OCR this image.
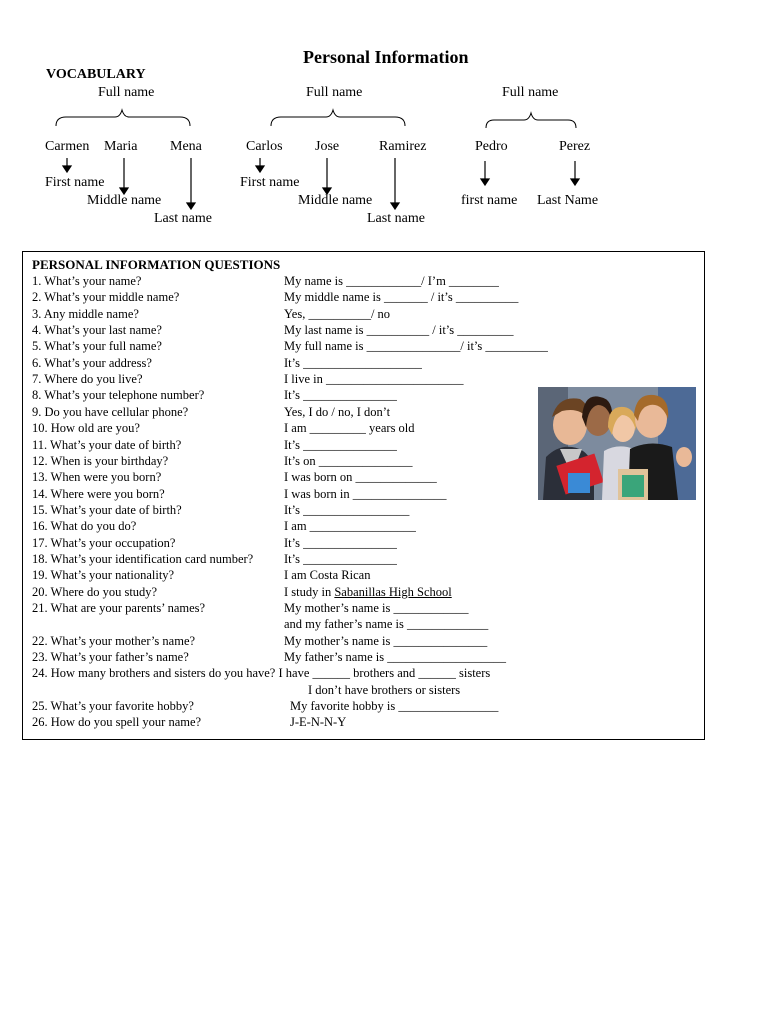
Personal Information
VOCABULARY
Full name	Full name	Full name
Carmen Maria Mena
First name
Middle name
Last name
Carlos Jose	Ramirez
First name
Middle name
Last name
Pedro	Perez
first name Last Name
PERSONAL INFORMATION QUESTIONS
1. What’s your name?	My name is ____________/ I’m ________
2. What’s your middle name?	My middle name is _______ / it’s __________
3. Any middle name?	Yes, __________/ no
4. What’s your last name?	My last name is __________ / it’s _________
5. What’s your full name?	My full name is _______________/ it’s __________
6. What’s your address?	It’s ___________________
7. Where do you live?	I live in ______________________
8. What’s your telephone number?	It’s _______________
9. Do you have cellular phone?	Yes, I do / no, I don’t
10. How old are you?	I am _________ years old
11. What’s your date of birth?	It’s _______________
12. When is your birthday?	It’s on _______________
13. When were you born?	I was born on _____________
14. Where were you born?	I was born in _______________
15. What’s your date of birth?	It’s _________________
16. What do you do?	I am _________________
17. What’s your occupation?	It’s _______________
18. What’s your identification card number? It’s _______________
19. What’s your nationality?	I am Costa Rican
20. Where do you study?	I study in Sabanillas High School
21. What are your parents’ names?	My mother’s name is ____________
and my father’s name is _____________
22. What’s your mother’s name?	My mother’s name is _______________
23. What’s your father’s name?	My father’s name is ___________________
24. How many brothers and sisters do you have? I have ______ brothers and ______ sisters
I don’t have brothers or sisters
25. What’s your favorite hobby?	My favorite hobby is ________________
26. How do you spell your name?	J-E-N-N-Y
